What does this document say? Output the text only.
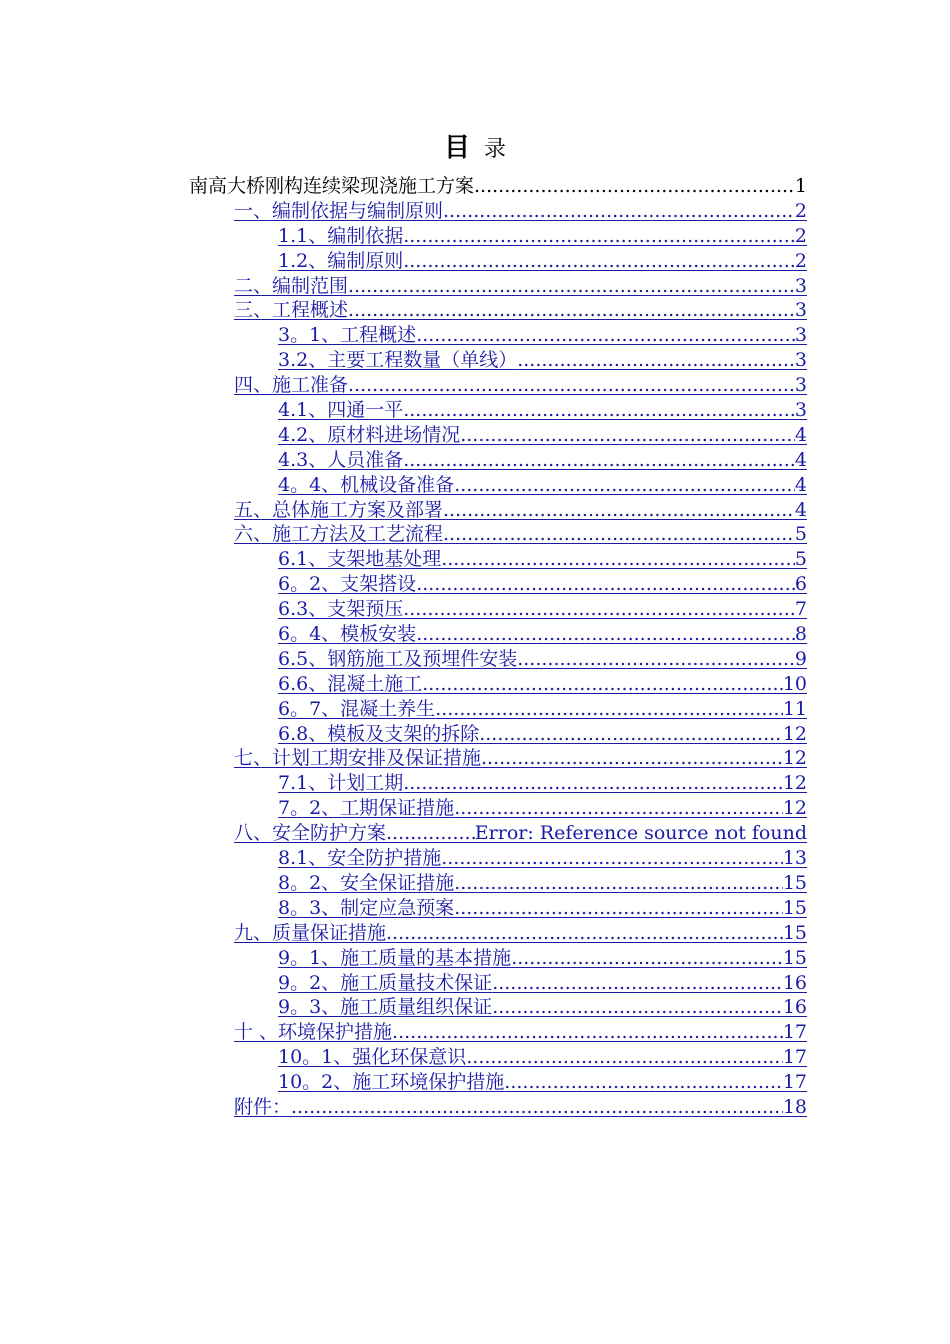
目 录
南高大桥刚构连续梁现浇施工方案 .....	1
一、编制依据与编制原则 .....	2
1.1、编制依据 .....	2
1.2、编制原则 .....	2
二、编制范围 .....	3
三、工程概述 .....	3
3。1、工程概述 .....	3
3.2、主要工程数量（单线） .....	3
四、施工准备 .....	3
4.1、四通一平 .....	3
4.2、原材料进场情况 .....	4
4.3、人员准备 .....	4
4。4、机械设备准备 .....	4
五、总体施工方案及部署 .....	4
六、施工方法及工艺流程 .....	5
6.1、支架地基处理 .....	5
6。2、支架搭设 .....	6
6.3、支架预压 .....	7
6。4、模板安装 .....	8
6.5、钢筋施工及预埋件安装 .....	9
6.6、混凝土施工 .....	10
6。7、混凝土养生 .....	11
6.8、模板及支架的拆除 .....	12
七、计划工期安排及保证措施 .....	12
7.1、计划工期 .....	12
7。2、工期保证措施 .....	12
八、安全防护方案 .....	Error: Reference source not found
8.1、安全防护措施 .....	13
8。2、安全保证措施 .....	15
8。3、制定应急预案 .....	15
九、质量保证措施 .....	15
9。1、施工质量的基本措施 .....	15
9。2、施工质量技术保证 .....	16
9。3、施工质量组织保证 .....	16
十 、环境保护措施 .....	17
10。1、强化环保意识 .....	17
10。2、施工环境保护措施 .....	17
附件： .....	18
